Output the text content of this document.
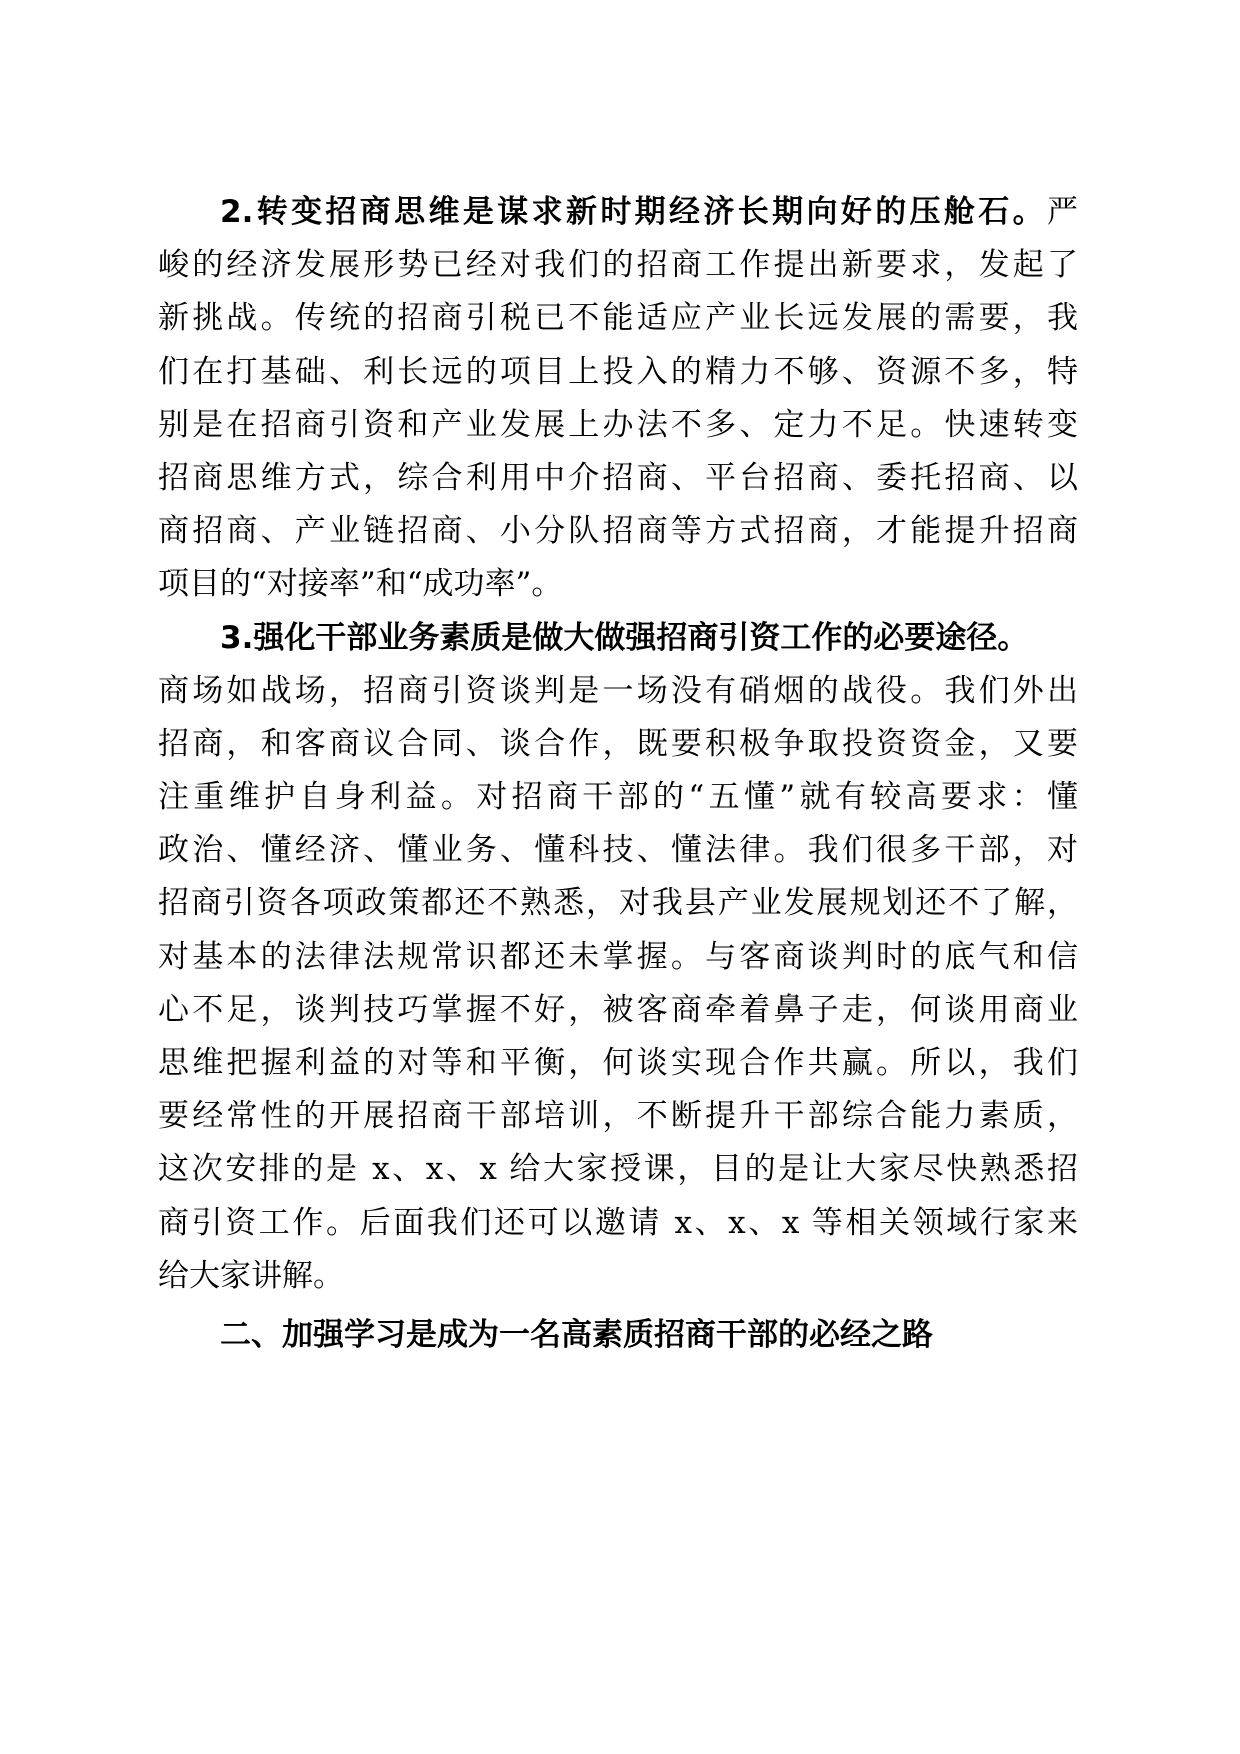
2.转变招商思维是谋求新时期经济长期向好的压舱石。严
峻的经济发展形势已经对我们的招商工作提出新要求，发起了
新挑战。传统的招商引税已不能适应产业长远发展的需要，我
们在打基础、利长远的项目上投入的精力不够、资源不多，特
别是在招商引资和产业发展上办法不多、定力不足。快速转变
招商思维方式，综合利用中介招商、平台招商、委托招商、以
商招商、产业链招商、小分队招商等方式招商，才能提升招商
项目的“对接率”和“成功率”。
3.强化干部业务素质是做大做强招商引资工作的必要途径。
商场如战场，招商引资谈判是一场没有硝烟的战役。我们外出
招商，和客商议合同、谈合作，既要积极争取投资资金，又要
注重维护自身利益。对招商干部的“五懂”就有较高要求：懂
政治、懂经济、懂业务、懂科技、懂法律。我们很多干部，对
招商引资各项政策都还不熟悉，对我县产业发展规划还不了解，
对基本的法律法规常识都还未掌握。与客商谈判时的底气和信
心不足，谈判技巧掌握不好，被客商牵着鼻子走，何谈用商业
思维把握利益的对等和平衡，何谈实现合作共赢。所以，我们
要经常性的开展招商干部培训，不断提升干部综合能力素质，
这次安排的是 x、x、x 给大家授课，目的是让大家尽快熟悉招
商引资工作。后面我们还可以邀请 x、x、x 等相关领域行家来
给大家讲解。
二、加强学习是成为一名高素质招商干部的必经之路
